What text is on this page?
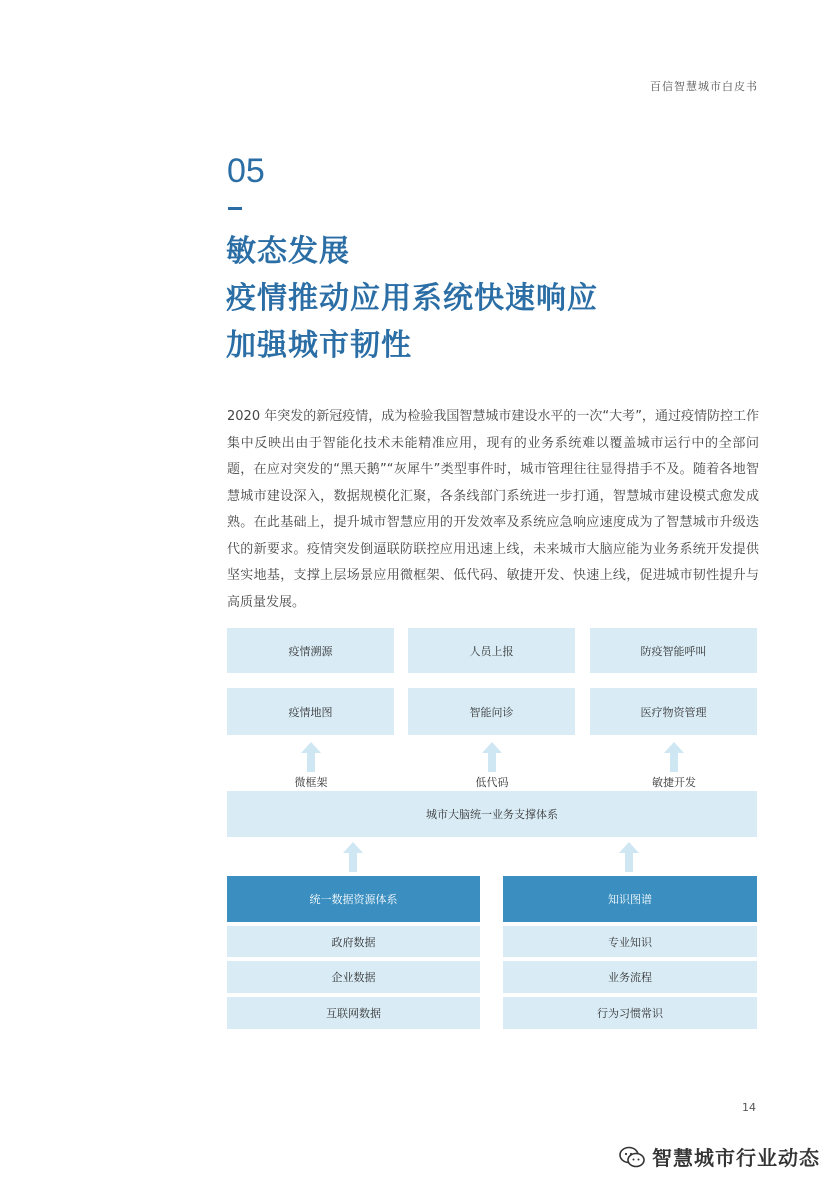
百信智慧城市白皮书
05
敏态发展
疫情推动应用系统快速响应
加强城市韧性

2020 年突发的新冠疫情，成为检验我国智慧城市建设水平的一次“大考”，通过疫情防控工作集中反映出由于智能化技术未能精准应用，现有的业务系统难以覆盖城市运行中的全部问题，在应对突发的“黑天鹅”“灰犀牛”类型事件时，城市管理往往显得措手不及。随着各地智慧城市建设深入，数据规模化汇聚，各条线部门系统进一步打通，智慧城市建设模式愈发成熟。在此基础上，提升城市智慧应用的开发效率及系统应急响应速度成为了智慧城市升级迭代的新要求。疫情突发倒逼联防联控应用迅速上线，未来城市大脑应能为业务系统开发提供坚实地基，支撑上层场景应用微框架、低代码、敏捷开发、快速上线，促进城市韧性提升与高质量发展。

疫情溯源	人员上报	防疫智能呼叫
疫情地图	智能问诊	医疗物资管理
微框架	低代码	敏捷开发
城市大脑统一业务支撑体系
统一数据资源体系
政府数据
企业数据
互联网数据
知识图谱
专业知识
业务流程
行为习惯常识
14
智慧城市行业动态
